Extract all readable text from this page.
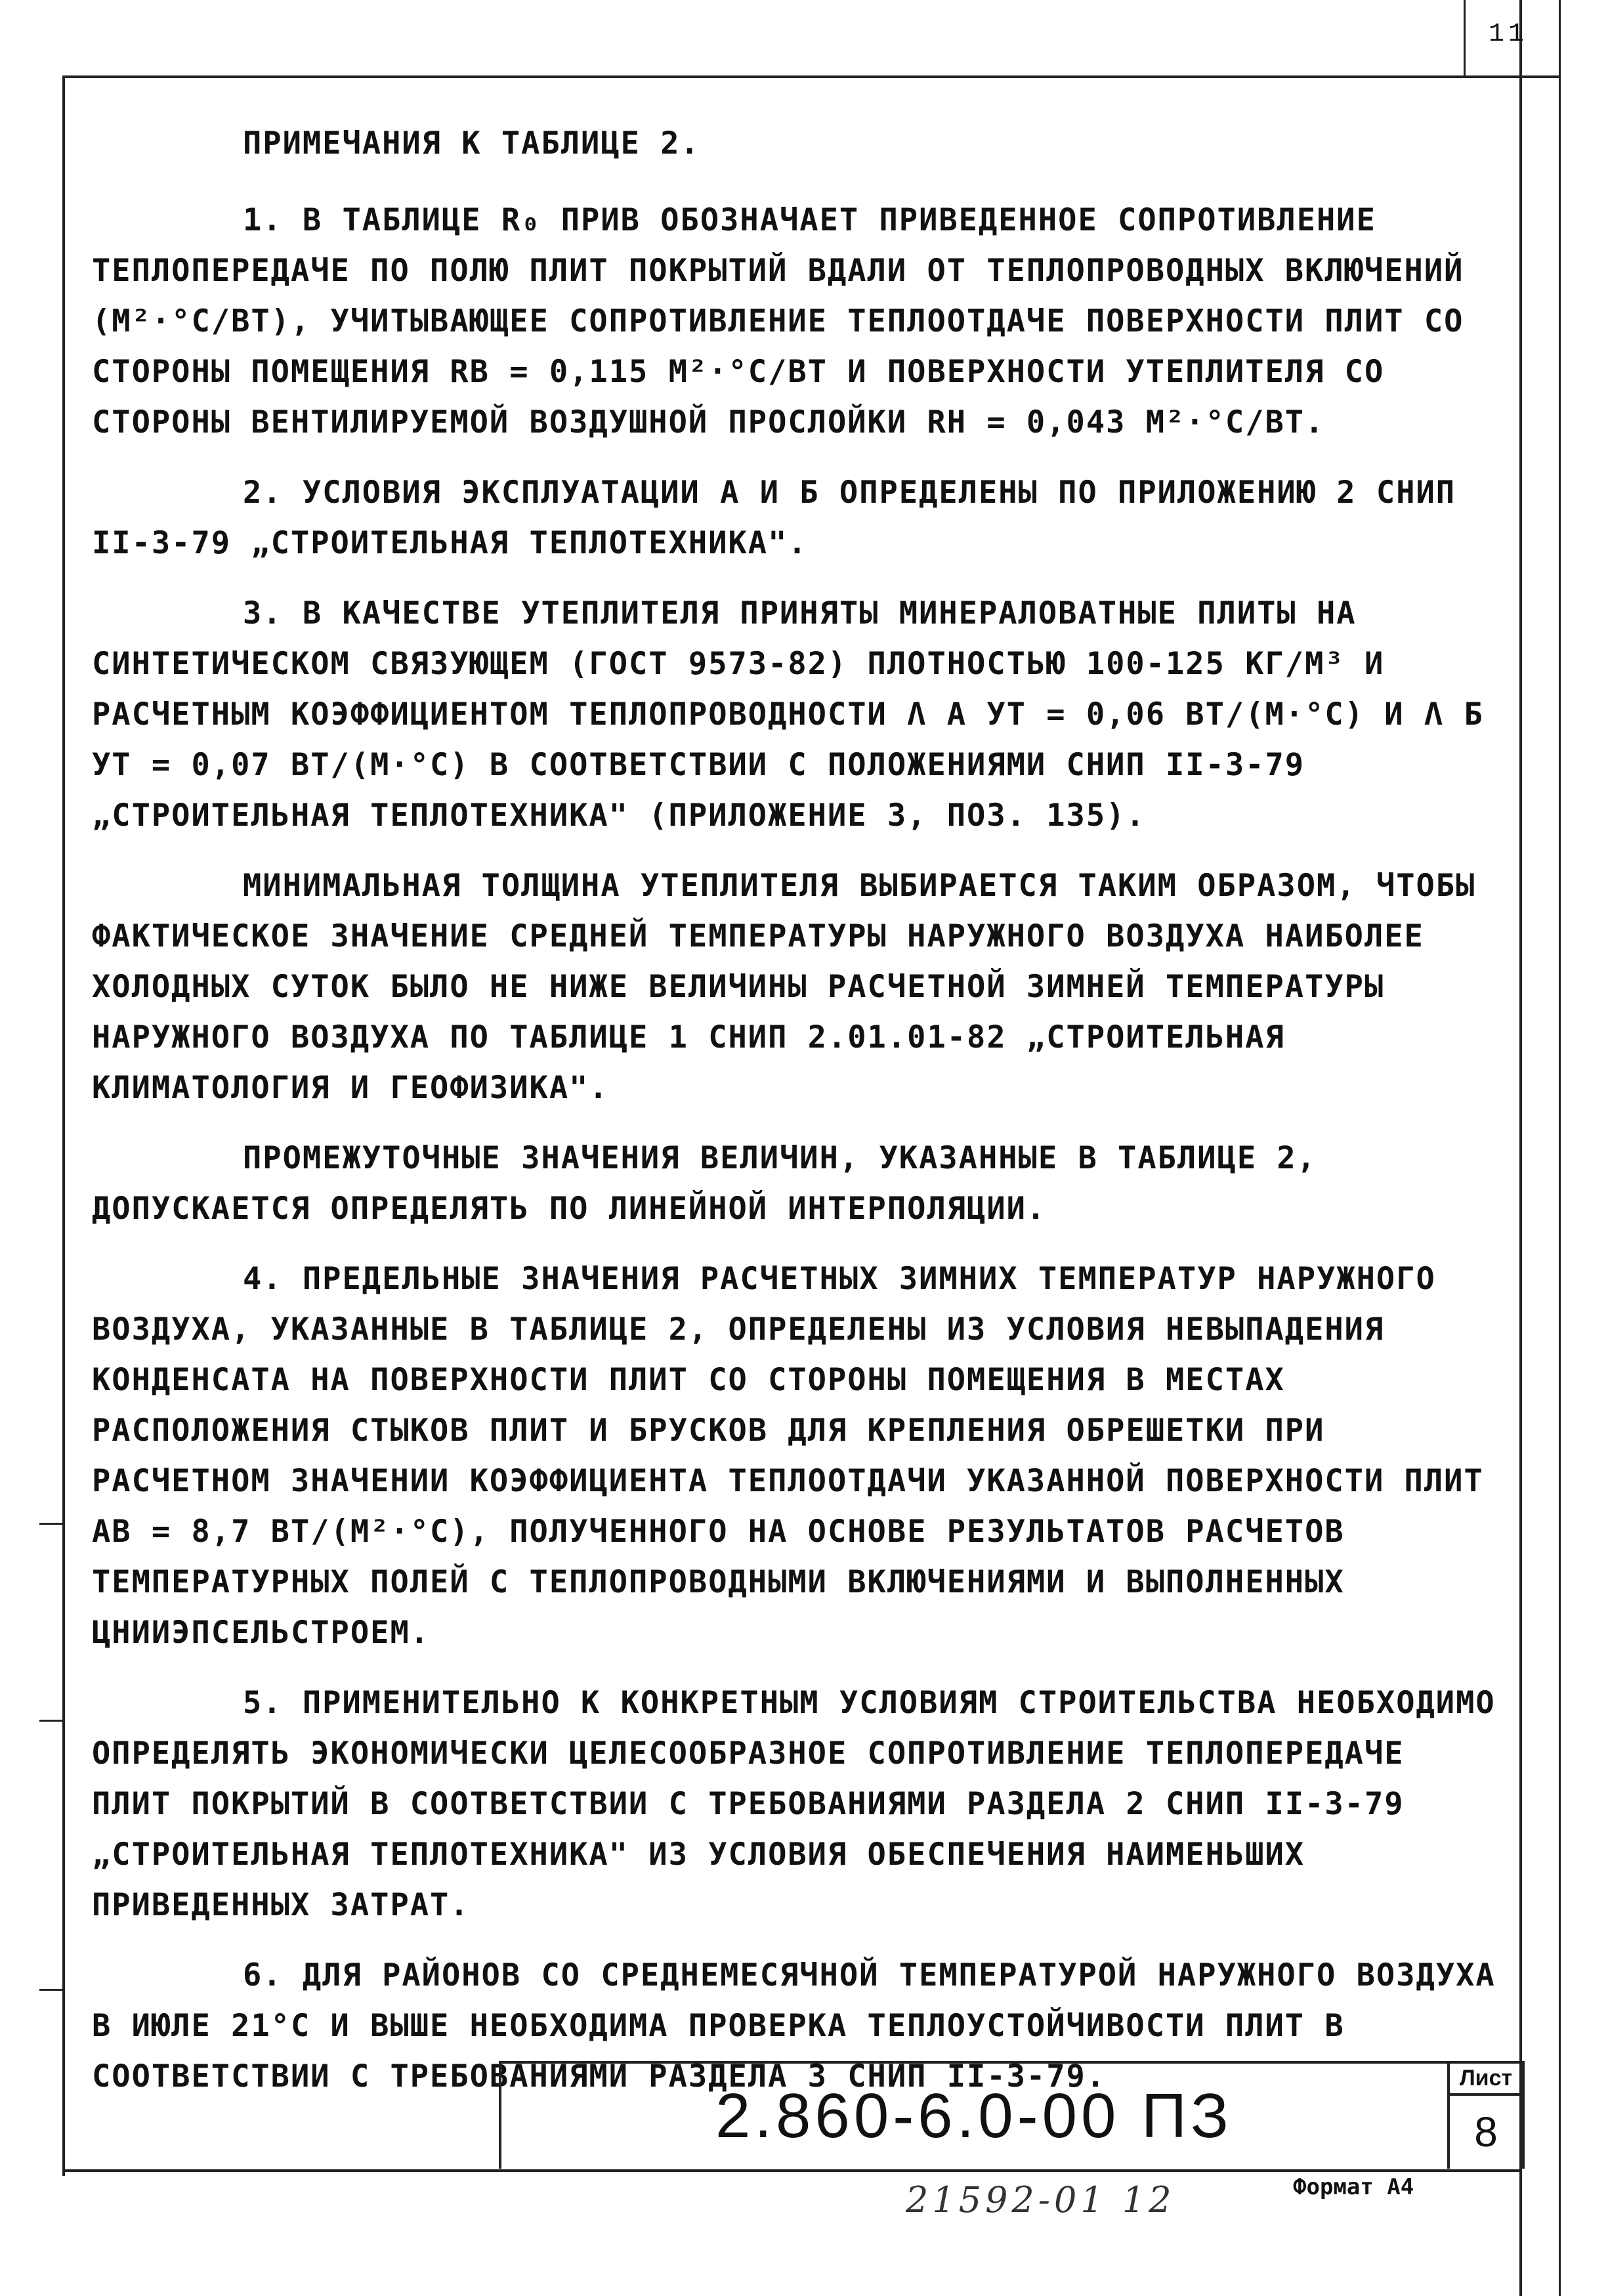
11
ПРИМЕЧАНИЯ К ТАБЛИЦЕ 2.
1. В ТАБЛИЦЕ R₀ ПРИВ ОБОЗНАЧАЕТ ПРИВЕДЕННОЕ СОПРОТИВЛЕНИЕ ТЕПЛОПЕРЕДАЧЕ ПО ПОЛЮ ПЛИТ ПОКРЫТИЙ ВДАЛИ ОТ ТЕПЛОПРОВОДНЫХ ВКЛЮЧЕНИЙ (М²·°С/ВТ), УЧИТЫВАЮЩЕЕ СОПРОТИВЛЕНИЕ ТЕПЛООТДАЧЕ ПОВЕРХНОСТИ ПЛИТ СО СТОРОНЫ ПОМЕЩЕНИЯ RВ = 0,115 М²·°С/ВТ И ПОВЕРХНОСТИ УТЕПЛИТЕЛЯ СО СТОРОНЫ ВЕНТИЛИРУЕМОЙ ВОЗДУШНОЙ ПРОСЛОЙКИ RН = 0,043 М²·°С/ВТ.
2. УСЛОВИЯ ЭКСПЛУАТАЦИИ А И Б ОПРЕДЕЛЕНЫ ПО ПРИЛОЖЕНИЮ 2 СНИП II-3-79 „СТРОИТЕЛЬНАЯ ТЕПЛОТЕХНИКА".
3. В КАЧЕСТВЕ УТЕПЛИТЕЛЯ ПРИНЯТЫ МИНЕРАЛОВАТНЫЕ ПЛИТЫ НА СИНТЕТИЧЕСКОМ СВЯЗУЮЩЕМ (ГОСТ 9573-82) ПЛОТНОСТЬЮ 100-125 КГ/М³ И РАСЧЕТНЫМ КОЭФФИЦИЕНТОМ ТЕПЛОПРОВОДНОСТИ Λ А УТ = 0,06 ВТ/(М·°С) И Λ Б УТ = 0,07 ВТ/(М·°С) В СООТВЕТСТВИИ С ПОЛОЖЕНИЯМИ СНИП II-3-79 „СТРОИТЕЛЬНАЯ ТЕПЛОТЕХНИКА" (ПРИЛОЖЕНИЕ 3, ПОЗ. 135).
МИНИМАЛЬНАЯ ТОЛЩИНА УТЕПЛИТЕЛЯ ВЫБИРАЕТСЯ ТАКИМ ОБРАЗОМ, ЧТОБЫ ФАКТИЧЕСКОЕ ЗНАЧЕНИЕ СРЕДНЕЙ ТЕМПЕРАТУРЫ НАРУЖНОГО ВОЗДУХА НАИБОЛЕЕ ХОЛОДНЫХ СУТОК БЫЛО НЕ НИЖЕ ВЕЛИЧИНЫ РАСЧЕТНОЙ ЗИМНЕЙ ТЕМПЕРАТУРЫ НАРУЖНОГО ВОЗДУХА ПО ТАБЛИЦЕ 1 СНИП 2.01.01-82 „СТРОИТЕЛЬНАЯ КЛИМАТОЛОГИЯ И ГЕОФИЗИКА".
ПРОМЕЖУТОЧНЫЕ ЗНАЧЕНИЯ ВЕЛИЧИН, УКАЗАННЫЕ В ТАБЛИЦЕ 2, ДОПУСКАЕТСЯ ОПРЕДЕЛЯТЬ ПО ЛИНЕЙНОЙ ИНТЕРПОЛЯЦИИ.
4. ПРЕДЕЛЬНЫЕ ЗНАЧЕНИЯ РАСЧЕТНЫХ ЗИМНИХ ТЕМПЕРАТУР НАРУЖНОГО ВОЗДУХА, УКАЗАННЫЕ В ТАБЛИЦЕ 2, ОПРЕДЕЛЕНЫ ИЗ УСЛОВИЯ НЕВЫПАДЕНИЯ КОНДЕНСАТА НА ПОВЕРХНОСТИ ПЛИТ СО СТОРОНЫ ПОМЕЩЕНИЯ В МЕСТАХ РАСПОЛОЖЕНИЯ СТЫКОВ ПЛИТ И БРУСКОВ ДЛЯ КРЕПЛЕНИЯ ОБРЕШЕТКИ ПРИ РАСЧЕТНОМ ЗНАЧЕНИИ КОЭФФИЦИЕНТА ТЕПЛООТДАЧИ УКАЗАННОЙ ПОВЕРХНОСТИ ПЛИТ ΑВ = 8,7 ВТ/(М²·°С), ПОЛУЧЕННОГО НА ОСНОВЕ РЕЗУЛЬТАТОВ РАСЧЕТОВ ТЕМПЕРАТУРНЫХ ПОЛЕЙ С ТЕПЛОПРОВОДНЫМИ ВКЛЮЧЕНИЯМИ И ВЫПОЛНЕННЫХ ЦНИИЭПСЕЛЬСТРОЕМ.
5. ПРИМЕНИТЕЛЬНО К КОНКРЕТНЫМ УСЛОВИЯМ СТРОИТЕЛЬСТВА НЕОБХОДИМО ОПРЕДЕЛЯТЬ ЭКОНОМИЧЕСКИ ЦЕЛЕСООБРАЗНОЕ СОПРОТИВЛЕНИЕ ТЕПЛОПЕРЕДАЧЕ ПЛИТ ПОКРЫТИЙ В СООТВЕТСТВИИ С ТРЕБОВАНИЯМИ РАЗДЕЛА 2 СНИП II-3-79 „СТРОИТЕЛЬНАЯ ТЕПЛОТЕХНИКА" ИЗ УСЛОВИЯ ОБЕСПЕЧЕНИЯ НАИМЕНЬШИХ ПРИВЕДЕННЫХ ЗАТРАТ.
6. ДЛЯ РАЙОНОВ СО СРЕДНЕМЕСЯЧНОЙ ТЕМПЕРАТУРОЙ НАРУЖНОГО ВОЗДУХА В ИЮЛЕ 21°С И ВЫШЕ НЕОБХОДИМА ПРОВЕРКА ТЕПЛОУСТОЙЧИВОСТИ ПЛИТ В СООТВЕТСТВИИ С ТРЕБОВАНИЯМИ РАЗДЕЛА 3 СНИП II-3-79.
2.860-6.0-00 ПЗ
Лист
8
21592-01 12	Формат А4
